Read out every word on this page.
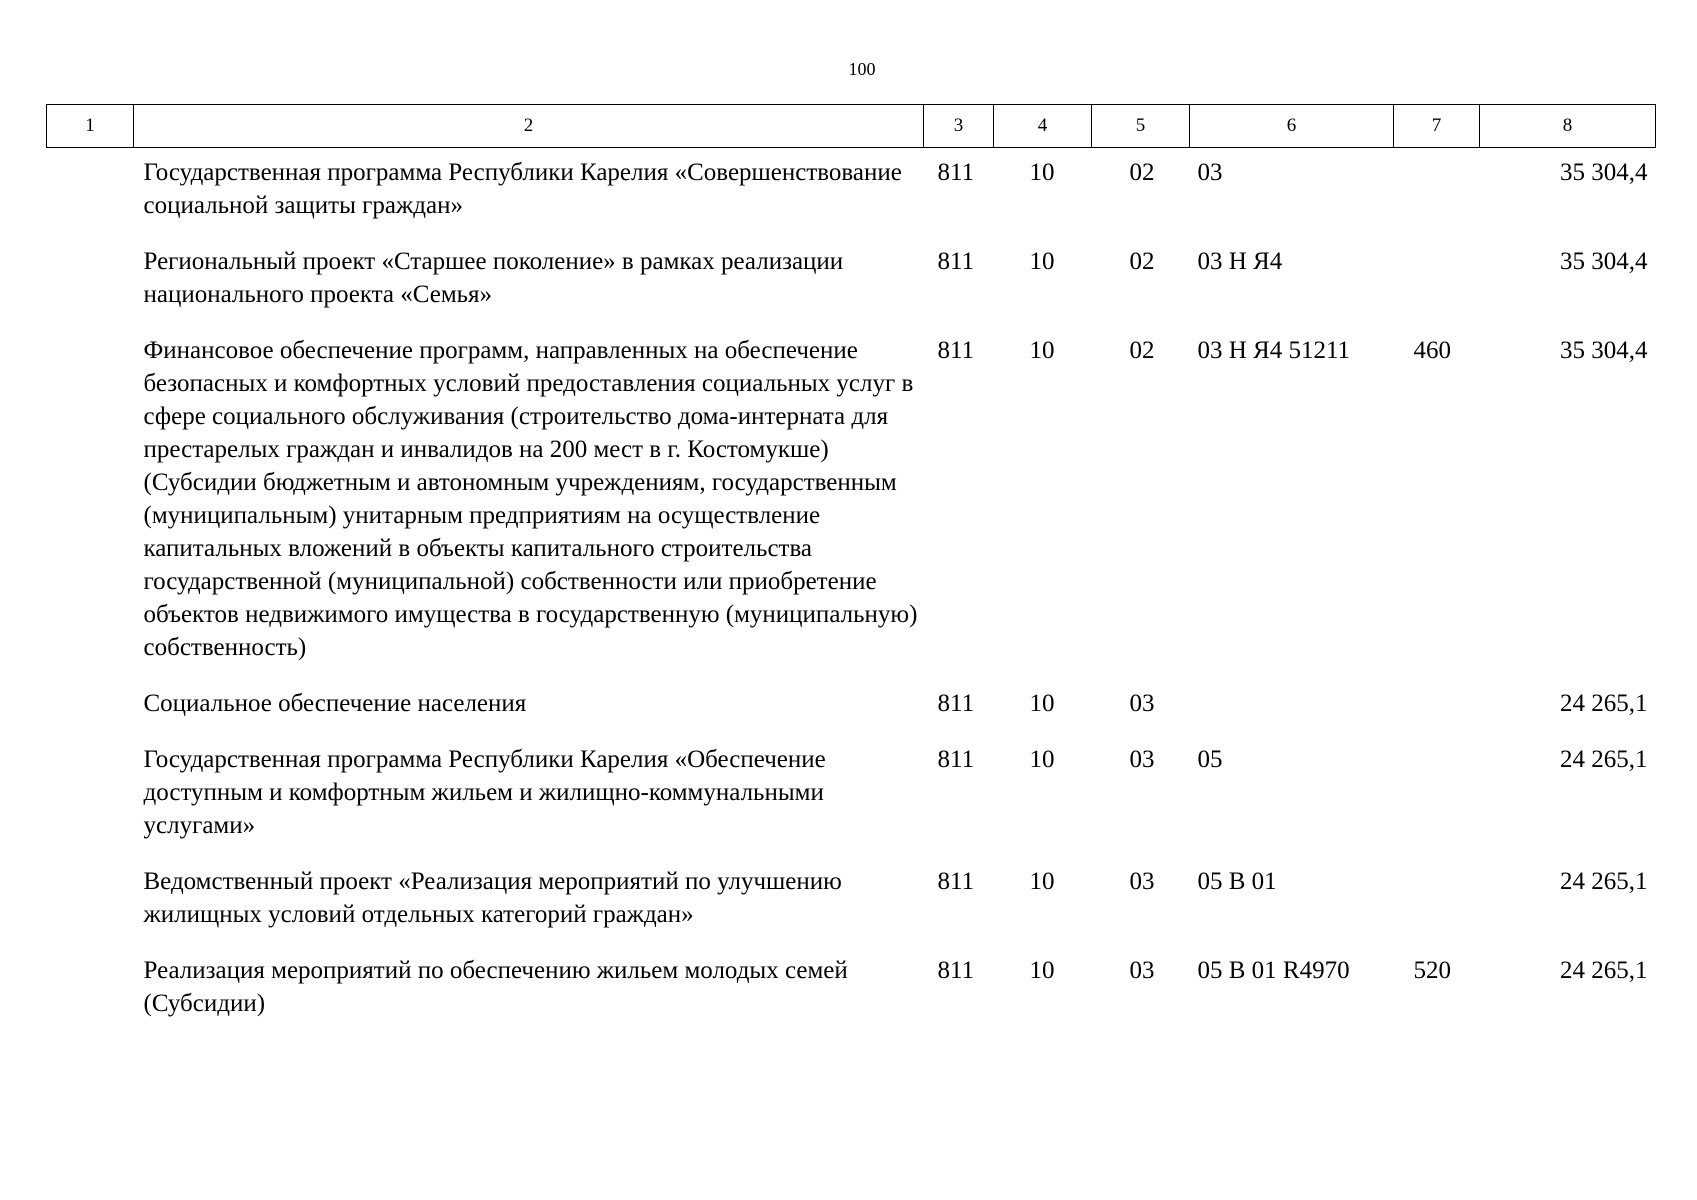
100
1	2	3	4	5	6	7	8
	Государственная программа Республики Карелия «Совершенствование социальной защиты граждан»	811	10	02	03		35 304,4
	Региональный проект «Старшее поколение» в рамках реализации национального проекта «Семья»	811	10	02	03 Н Я4		35 304,4
	Финансовое обеспечение программ, направленных на обеспечение безопасных и комфортных условий предоставления социальных услуг в сфере социального обслуживания (строительство дома-интерната для престарелых граждан и инвалидов на 200 мест в г. Костомукше) (Субсидии бюджетным и автономным учреждениям, государственным (муниципальным) унитарным предприятиям на осуществление капитальных вложений в объекты капитального строительства государственной (муниципальной) собственности или приобретение объектов недвижимого имущества в государственную (муниципальную) собственность)	811	10	02	03 Н Я4 51211	460	35 304,4
	Социальное обеспечение населения	811	10	03			24 265,1
	Государственная программа Республики Карелия «Обеспечение доступным и комфортным жильем и жилищно-коммунальными услугами»	811	10	03	05		24 265,1
	Ведомственный проект «Реализация мероприятий по улучшению жилищных условий отдельных категорий граждан»	811	10	03	05 В 01		24 265,1
	Реализация мероприятий по обеспечению жильем молодых семей (Субсидии)	811	10	03	05 В 01 R4970	520	24 265,1
